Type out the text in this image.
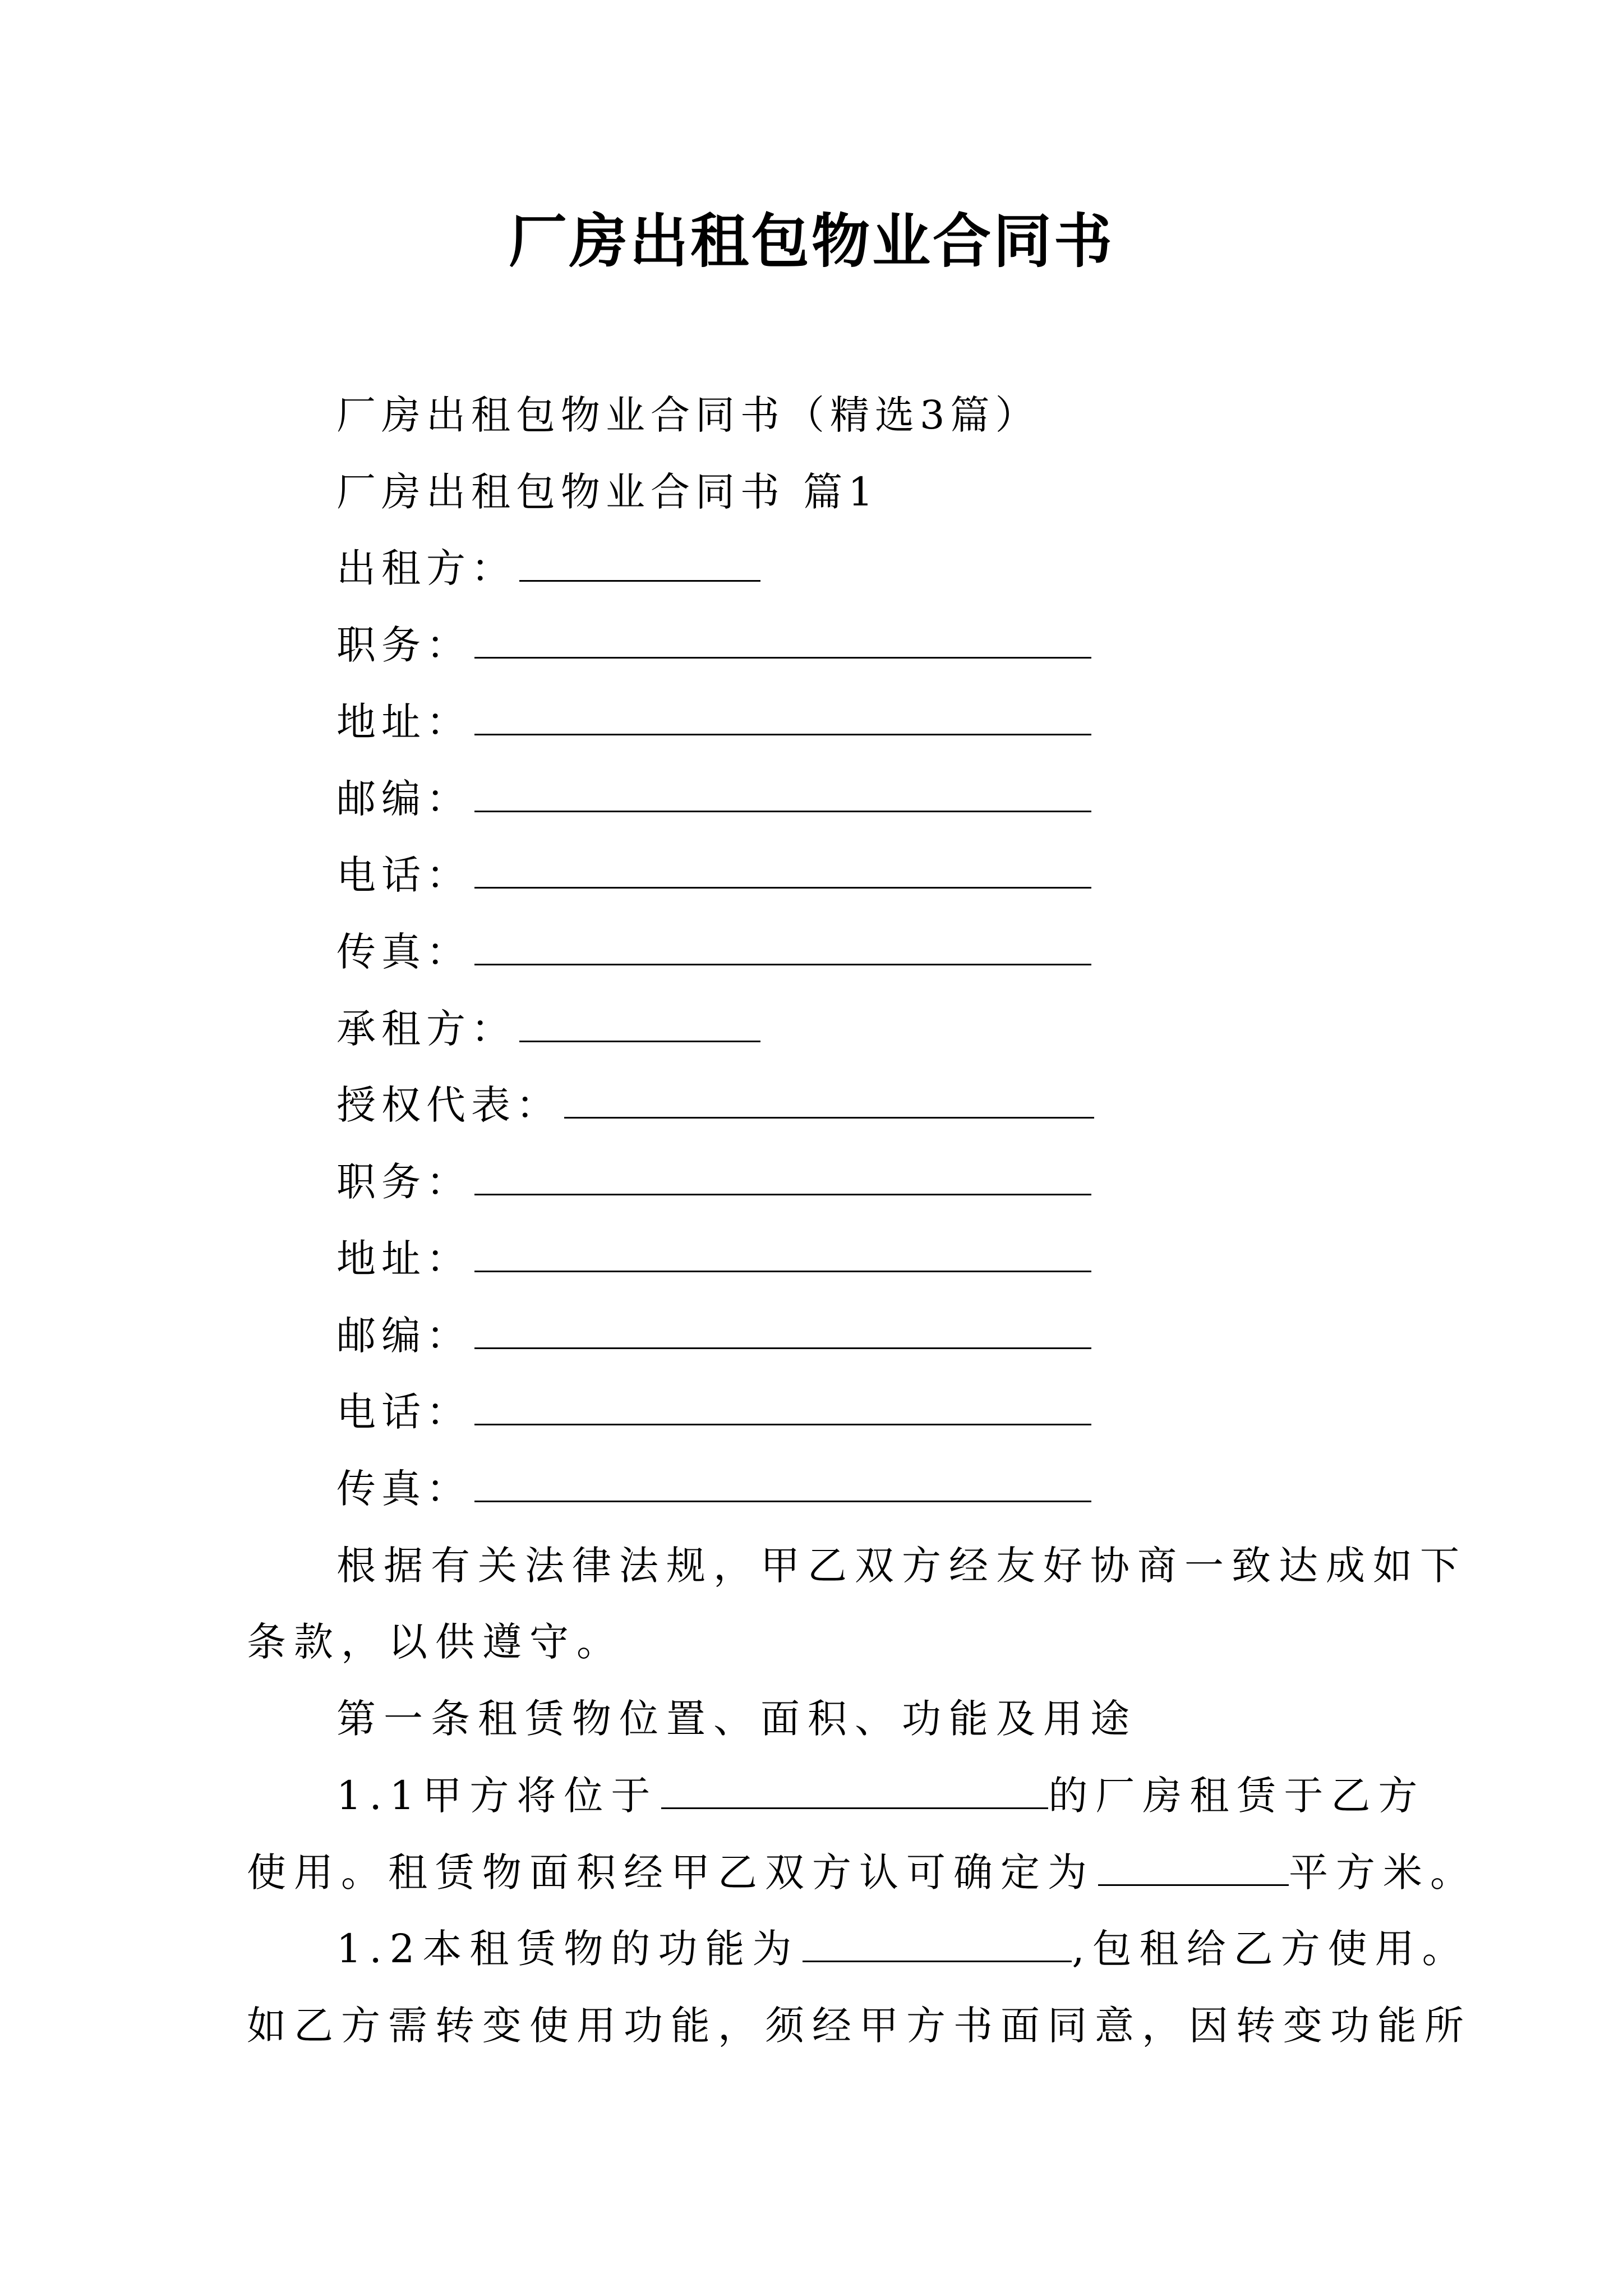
厂房出租包物业合同书
厂房出租包物业合同书（精选3篇）
厂房出租包物业合同书 篇1
出租方：
职务：
地址：
邮编：
电话：
传真：
承租方：
授权代表：
职务：
地址：
邮编：
电话：
传真：
根据有关法律法规，甲乙双方经友好协商一致达成如下
条款，以供遵守。
第一条租赁物位置、面积、功能及用途
1.1甲方将位于	的厂房租赁于乙方
使用。租赁物面积经甲乙双方认可确定为	平方米。
1.2本租赁物的功能为	,包租给乙方使用。
如乙方需转变使用功能，须经甲方书面同意，因转变功能所
